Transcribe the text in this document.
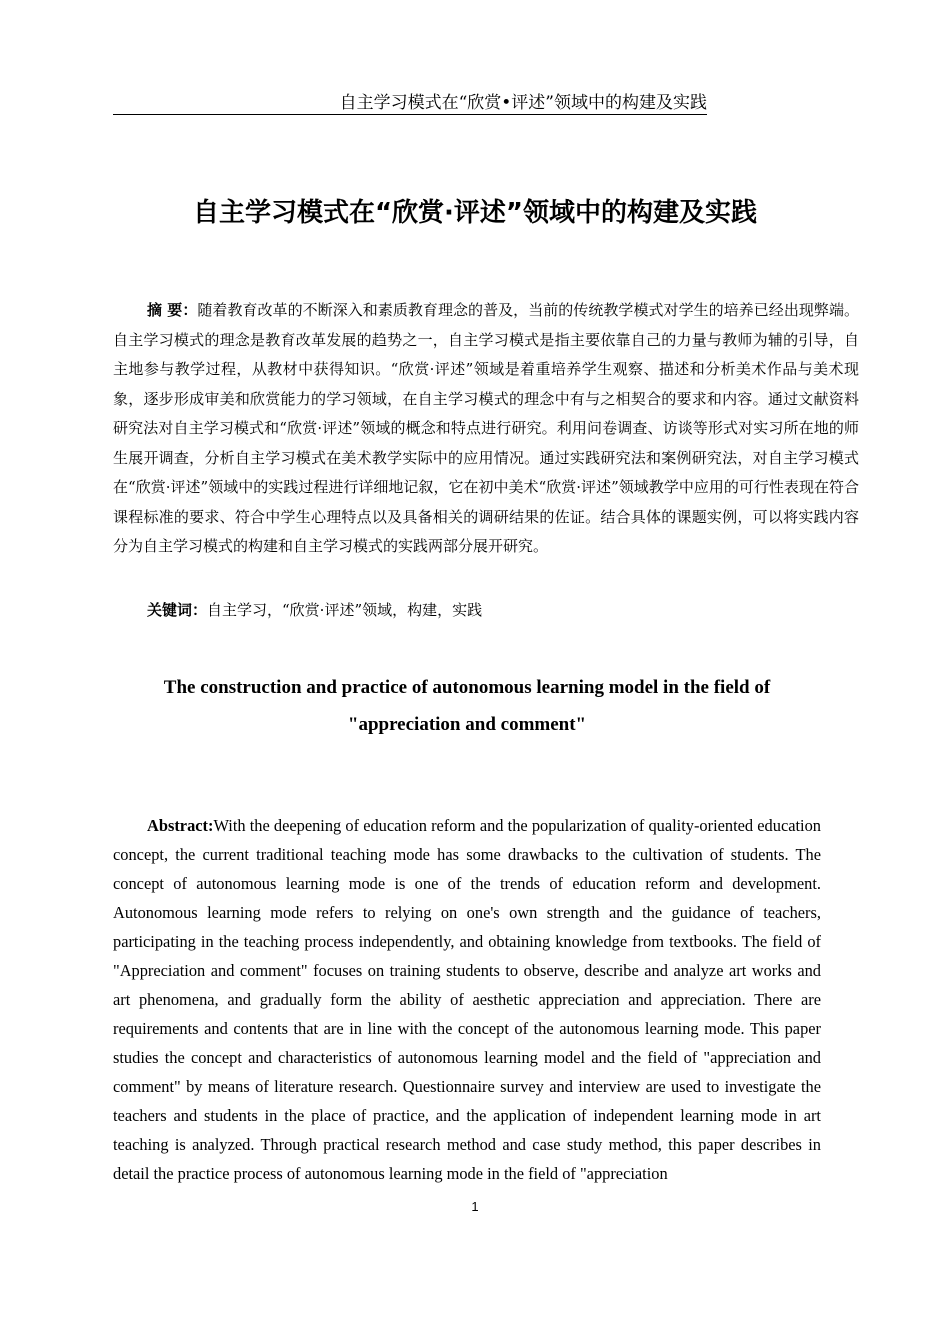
自主学习模式在“欣赏•评述”领域中的构建及实践
自主学习模式在“欣赏·评述”领域中的构建及实践

摘 要：随着教育改革的不断深入和素质教育理念的普及，当前的传统教学模式对学生的培养已经出现弊端。自主学习模式的理念是教育改革发展的趋势之一，自主学习模式是指主要依靠自己的力量与教师为辅的引导，自主地参与教学过程，从教材中获得知识。“欣赏·评述”领域是着重培养学生观察、描述和分析美术作品与美术现象，逐步形成审美和欣赏能力的学习领域，在自主学习模式的理念中有与之相契合的要求和内容。通过文献资料研究法对自主学习模式和“欣赏·评述”领域的概念和特点进行研究。利用问卷调查、访谈等形式对实习所在地的师生展开调查，分析自主学习模式在美术教学实际中的应用情况。通过实践研究法和案例研究法，对自主学习模式在“欣赏·评述”领域中的实践过程进行详细地记叙，它在初中美术“欣赏·评述”领域教学中应用的可行性表现在符合课程标准的要求、符合中学生心理特点以及具备相关的调研结果的佐证。结合具体的课题实例，可以将实践内容分为自主学习模式的构建和自主学习模式的实践两部分展开研究。

关键词：自主学习，“欣赏·评述”领域，构建，实践

The construction and practice of autonomous learning model in the field of
"appreciation and comment"

Abstract:With the deepening of education reform and the popularization of quality-oriented education concept, the current traditional teaching mode has some drawbacks to the cultivation of students. The concept of autonomous learning mode is one of the trends of education reform and development. Autonomous learning mode refers to relying on one's own strength and the guidance of teachers, participating in the teaching process independently, and obtaining knowledge from textbooks. The field of "Appreciation and comment" focuses on training students to observe, describe and analyze art works and art phenomena, and gradually form the ability of aesthetic appreciation and appreciation. There are requirements and contents that are in line with the concept of the autonomous learning mode. This paper studies the concept and characteristics of autonomous learning model and the field of "appreciation and comment" by means of literature research. Questionnaire survey and interview are used to investigate the teachers and students in the place of practice, and the application of independent learning mode in art teaching is analyzed. Through practical research method and case study method, this paper describes in detail the practice process of autonomous learning mode in the field of "appreciation

1
